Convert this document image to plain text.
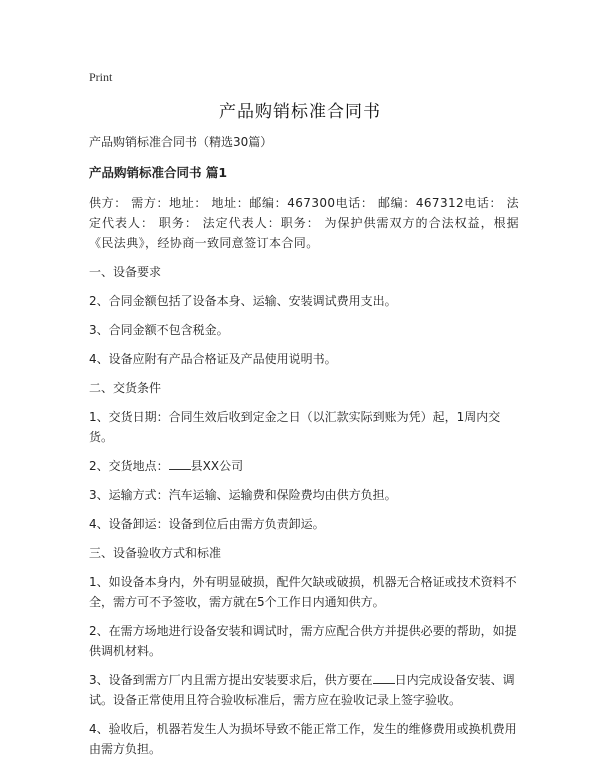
Print
产品购销标准合同书

产品购销标准合同书（精选30篇）

产品购销标准合同书 篇1

供方： 需方：地址： 地址：邮编：467300电话： 邮编：467312电话： 法定代表人： 职务： 法定代表人：职务： 为保护供需双方的合法权益，根据《民法典》，经协商一致同意签订本合同。

一、设备要求

2、合同金额包括了设备本身、运输、安装调试费用支出。

3、合同金额不包含税金。

4、设备应附有产品合格证及产品使用说明书。

二、交货条件

1、交货日期：合同生效后收到定金之日（以汇款实际到账为凭）起，1周内交货。

2、交货地点： 县XX公司

3、运输方式：汽车运输、运输费和保险费均由供方负担。

4、设备卸运：设备到位后由需方负责卸运。

三、设备验收方式和标准

1、如设备本身内，外有明显破损，配件欠缺或破损，机器无合格证或技术资料不全，需方可不予签收，需方就在5个工作日内通知供方。

2、在需方场地进行设备安装和调试时，需方应配合供方并提供必要的帮助，如提供调机材料。

3、设备到需方厂内且需方提出安装要求后，供方要在 日内完成设备安装、调试。设备正常使用且符合验收标准后，需方应在验收记录上签字验收。

4、验收后，机器若发生人为损坏导致不能正常工作，发生的维修费用或换机费用由需方负担。
